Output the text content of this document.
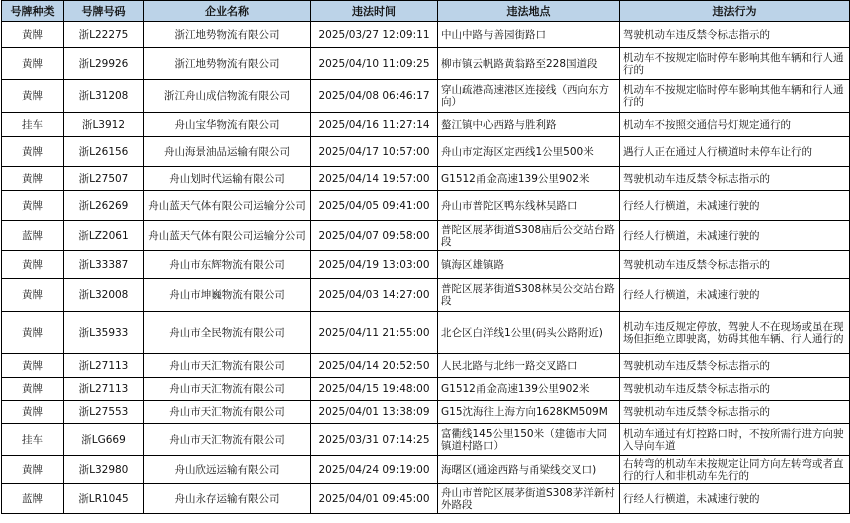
号牌种类	号牌号码	企业名称	违法时间	违法地点	违法行为
黄牌	浙L22275	浙江地势物流有限公司	2025/03/27 12:09:11	中山中路与善园街路口	驾驶机动车违反禁令标志指示的
黄牌	浙L29926	浙江地势物流有限公司	2025/04/10 11:09:25	柳市镇云帆路黄翁路至228国道段	机动车不按规定临时停车影响其他车辆和行人通行的
黄牌	浙L31208	浙江舟山成信物流有限公司	2025/04/08 06:46:17	穿山疏港高速港区连接线（西向东方向）	机动车不按规定临时停车影响其他车辆和行人通行的
挂车	浙L3912	舟山宝华物流有限公司	2025/04/16 11:27:14	螯江镇中心西路与胜利路	机动车不按照交通信号灯规定通行的
黄牌	浙L26156	舟山海景油品运输有限公司	2025/04/17 10:57:00	舟山市定海区定西线1公里500米	遇行人正在通过人行横道时未停车让行的
黄牌	浙L27507	舟山划时代运输有限公司	2025/04/14 19:57:00	G1512甬金高速139公里902米	驾驶机动车违反禁令标志指示的
黄牌	浙L26269	舟山蓝天气体有限公司运输分公司	2025/04/05 09:41:00	舟山市普陀区鸭东线林吴路口	行经人行横道，未减速行驶的
蓝牌	浙LZ2061	舟山蓝天气体有限公司运输分公司	2025/04/07 09:58:00	普陀区展茅街道S308庙后公交站台路段	行经人行横道，未减速行驶的
黄牌	浙L33387	舟山市东辉物流有限公司	2025/04/19 13:03:00	镇海区雄镇路	驾驶机动车违反禁令标志指示的
黄牌	浙L32008	舟山市坤巍物流有限公司	2025/04/03 14:27:00	普陀区展茅街道S308林吴公交站台路段	行经人行横道，未减速行驶的
黄牌	浙L35933	舟山市全民物流有限公司	2025/04/11 21:55:00	北仑区白洋线1公里(码头公路附近)	机动车违反规定停放，驾驶人不在现场或虽在现场但拒绝立即驶离，妨碍其他车辆、行人通行的
黄牌	浙L27113	舟山市天汇物流有限公司	2025/04/14 20:52:50	人民北路与北纬一路交叉路口	驾驶机动车违反禁令标志指示的
黄牌	浙L27113	舟山市天汇物流有限公司	2025/04/15 19:48:00	G1512甬金高速139公里902米	驾驶机动车违反禁令标志指示的
黄牌	浙L27553	舟山市天汇物流有限公司	2025/04/01 13:38:09	G15沈海往上海方向1628KM509M	驾驶机动车违反禁令标志指示的
挂车	浙LG669	舟山市天汇物流有限公司	2025/03/31 07:14:25	富衢线145公里150米（建德市大同镇道村路口）	机动车通过有灯控路口时，不按所需行进方向驶入导向车道
黄牌	浙L32980	舟山欣远运输有限公司	2025/04/24 09:19:00	海曙区(通途西路与甬梁线交叉口)	右转弯的机动车未按规定让同方向左转弯或者直行的行人和非机动车先行的
蓝牌	浙LR1045	舟山永存运输有限公司	2025/04/01 09:45:00	舟山市普陀区展茅街道S308茅洋新村外路段	行经人行横道，未减速行驶的
